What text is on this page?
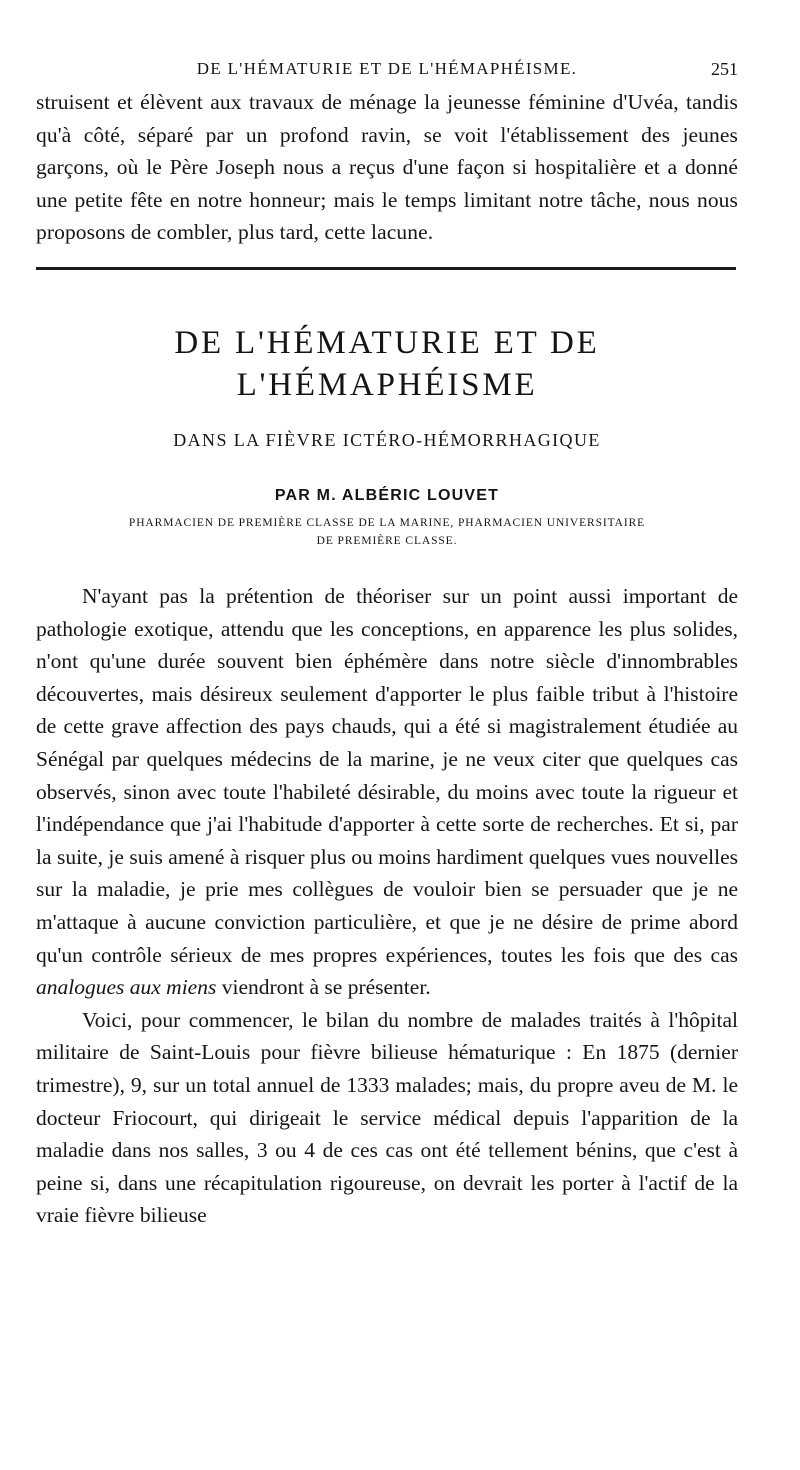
DE L'HÉMATURIE ET DE L'HÉMAPHÉISME.	251

struisent et élèvent aux travaux de ménage la jeunesse féminine d'Uvéa, tandis qu'à côté, séparé par un profond ravin, se voit l'établissement des jeunes garçons, où le Père Joseph nous a reçus d'une façon si hospitalière et a donné une petite fête en notre honneur; mais le temps limitant notre tâche, nous nous proposons de combler, plus tard, cette lacune.

DE L'HÉMATURIE ET DE L'HÉMAPHÉISME
DANS LA FIÈVRE ICTÉRO-HÉMORRHAGIQUE
PAR M. ALBÉRIC LOUVET
PHARMACIEN DE PREMIÈRE CLASSE DE LA MARINE, PHARMACIEN UNIVERSITAIRE
DE PREMIÈRE CLASSE.

N'ayant pas la prétention de théoriser sur un point aussi important de pathologie exotique, attendu que les conceptions, en apparence les plus solides, n'ont qu'une durée souvent bien éphémère dans notre siècle d'innombrables découvertes, mais désireux seulement d'apporter le plus faible tribut à l'histoire de cette grave affection des pays chauds, qui a été si magistralement étudiée au Sénégal par quelques médecins de la marine, je ne veux citer que quelques cas observés, sinon avec toute l'habileté désirable, du moins avec toute la rigueur et l'indépendance que j'ai l'habitude d'apporter à cette sorte de recherches. Et si, par la suite, je suis amené à risquer plus ou moins hardiment quelques vues nouvelles sur la maladie, je prie mes collègues de vouloir bien se persuader que je ne m'attaque à aucune conviction particulière, et que je ne désire de prime abord qu'un contrôle sérieux de mes propres expériences, toutes les fois que des cas analogues aux miens viendront à se présenter.

Voici, pour commencer, le bilan du nombre de malades traités à l'hôpital militaire de Saint-Louis pour fièvre bilieuse hématurique : En 1875 (dernier trimestre), 9, sur un total annuel de 1333 malades; mais, du propre aveu de M. le docteur Friocourt, qui dirigeait le service médical depuis l'apparition de la maladie dans nos salles, 3 ou 4 de ces cas ont été tellement bénins, que c'est à peine si, dans une récapitulation rigoureuse, on devrait les porter à l'actif de la vraie fièvre bilieuse
